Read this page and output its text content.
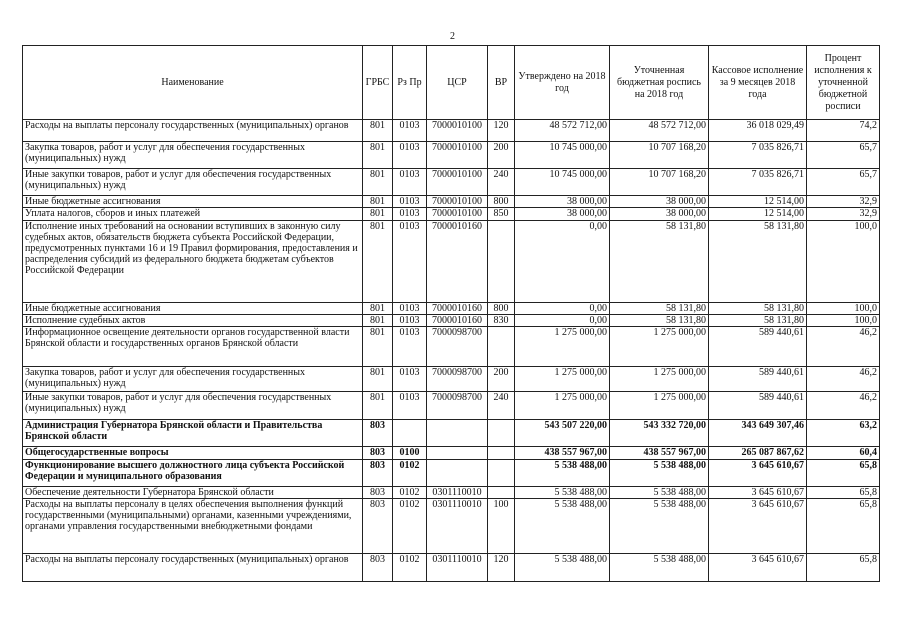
2
Наименование	ГРБС	Рз Пр	ЦСР	ВР	Утверждено на 2018 год	Уточненная бюджетная роспись на 2018 год	Кассовое исполнение за 9 месяцев 2018 года	Процент исполнения к уточненной бюджетной росписи
Расходы на выплаты персоналу государственных (муниципальных) органов	801	0103	7000010100	120	48 572 712,00	48 572 712,00	36 018 029,49	74,2
Закупка товаров, работ и услуг для обеспечения государственных (муниципальных) нужд	801	0103	7000010100	200	10 745 000,00	10 707 168,20	7 035 826,71	65,7
Иные закупки товаров, работ и услуг для обеспечения государственных (муниципальных) нужд	801	0103	7000010100	240	10 745 000,00	10 707 168,20	7 035 826,71	65,7
Иные бюджетные ассигнования	801	0103	7000010100	800	38 000,00	38 000,00	12 514,00	32,9
Уплата налогов, сборов и иных платежей	801	0103	7000010100	850	38 000,00	38 000,00	12 514,00	32,9
Исполнение иных требований на основании вступивших в законную силу судебных актов, обязательств бюджета субъекта Российской Федерации, предусмотренных пунктами 16 и 19 Правил формирования, предоставления и распределения субсидий из федерального бюджета бюджетам субъектов Российской Федерации	801	0103	7000010160		0,00	58 131,80	58 131,80	100,0
Иные бюджетные ассигнования	801	0103	7000010160	800	0,00	58 131,80	58 131,80	100,0
Исполнение судебных актов	801	0103	7000010160	830	0,00	58 131,80	58 131,80	100,0
Информационное освещение деятельности органов государственной власти Брянской области и государственных органов Брянской области	801	0103	7000098700		1 275 000,00	1 275 000,00	589 440,61	46,2
Закупка товаров, работ и услуг для обеспечения государственных (муниципальных) нужд	801	0103	7000098700	200	1 275 000,00	1 275 000,00	589 440,61	46,2
Иные закупки товаров, работ и услуг для обеспечения государственных (муниципальных) нужд	801	0103	7000098700	240	1 275 000,00	1 275 000,00	589 440,61	46,2
Администрация Губернатора Брянской области и Правительства Брянской области	803				543 507 220,00	543 332 720,00	343 649 307,46	63,2
Общегосударственные вопросы	803	0100			438 557 967,00	438 557 967,00	265 087 867,62	60,4
Функционирование высшего должностного лица субъекта Российской Федерации и муниципального образования	803	0102			5 538 488,00	5 538 488,00	3 645 610,67	65,8
Обеспечение деятельности Губернатора Брянской области	803	0102	0301110010		5 538 488,00	5 538 488,00	3 645 610,67	65,8
Расходы на выплаты персоналу в целях обеспечения выполнения функций государственными (муниципальными) органами, казенными учреждениями, органами управления государственными внебюджетными фондами	803	0102	0301110010	100	5 538 488,00	5 538 488,00	3 645 610,67	65,8
Расходы на выплаты персоналу государственных (муниципальных) органов	803	0102	0301110010	120	5 538 488,00	5 538 488,00	3 645 610,67	65,8
